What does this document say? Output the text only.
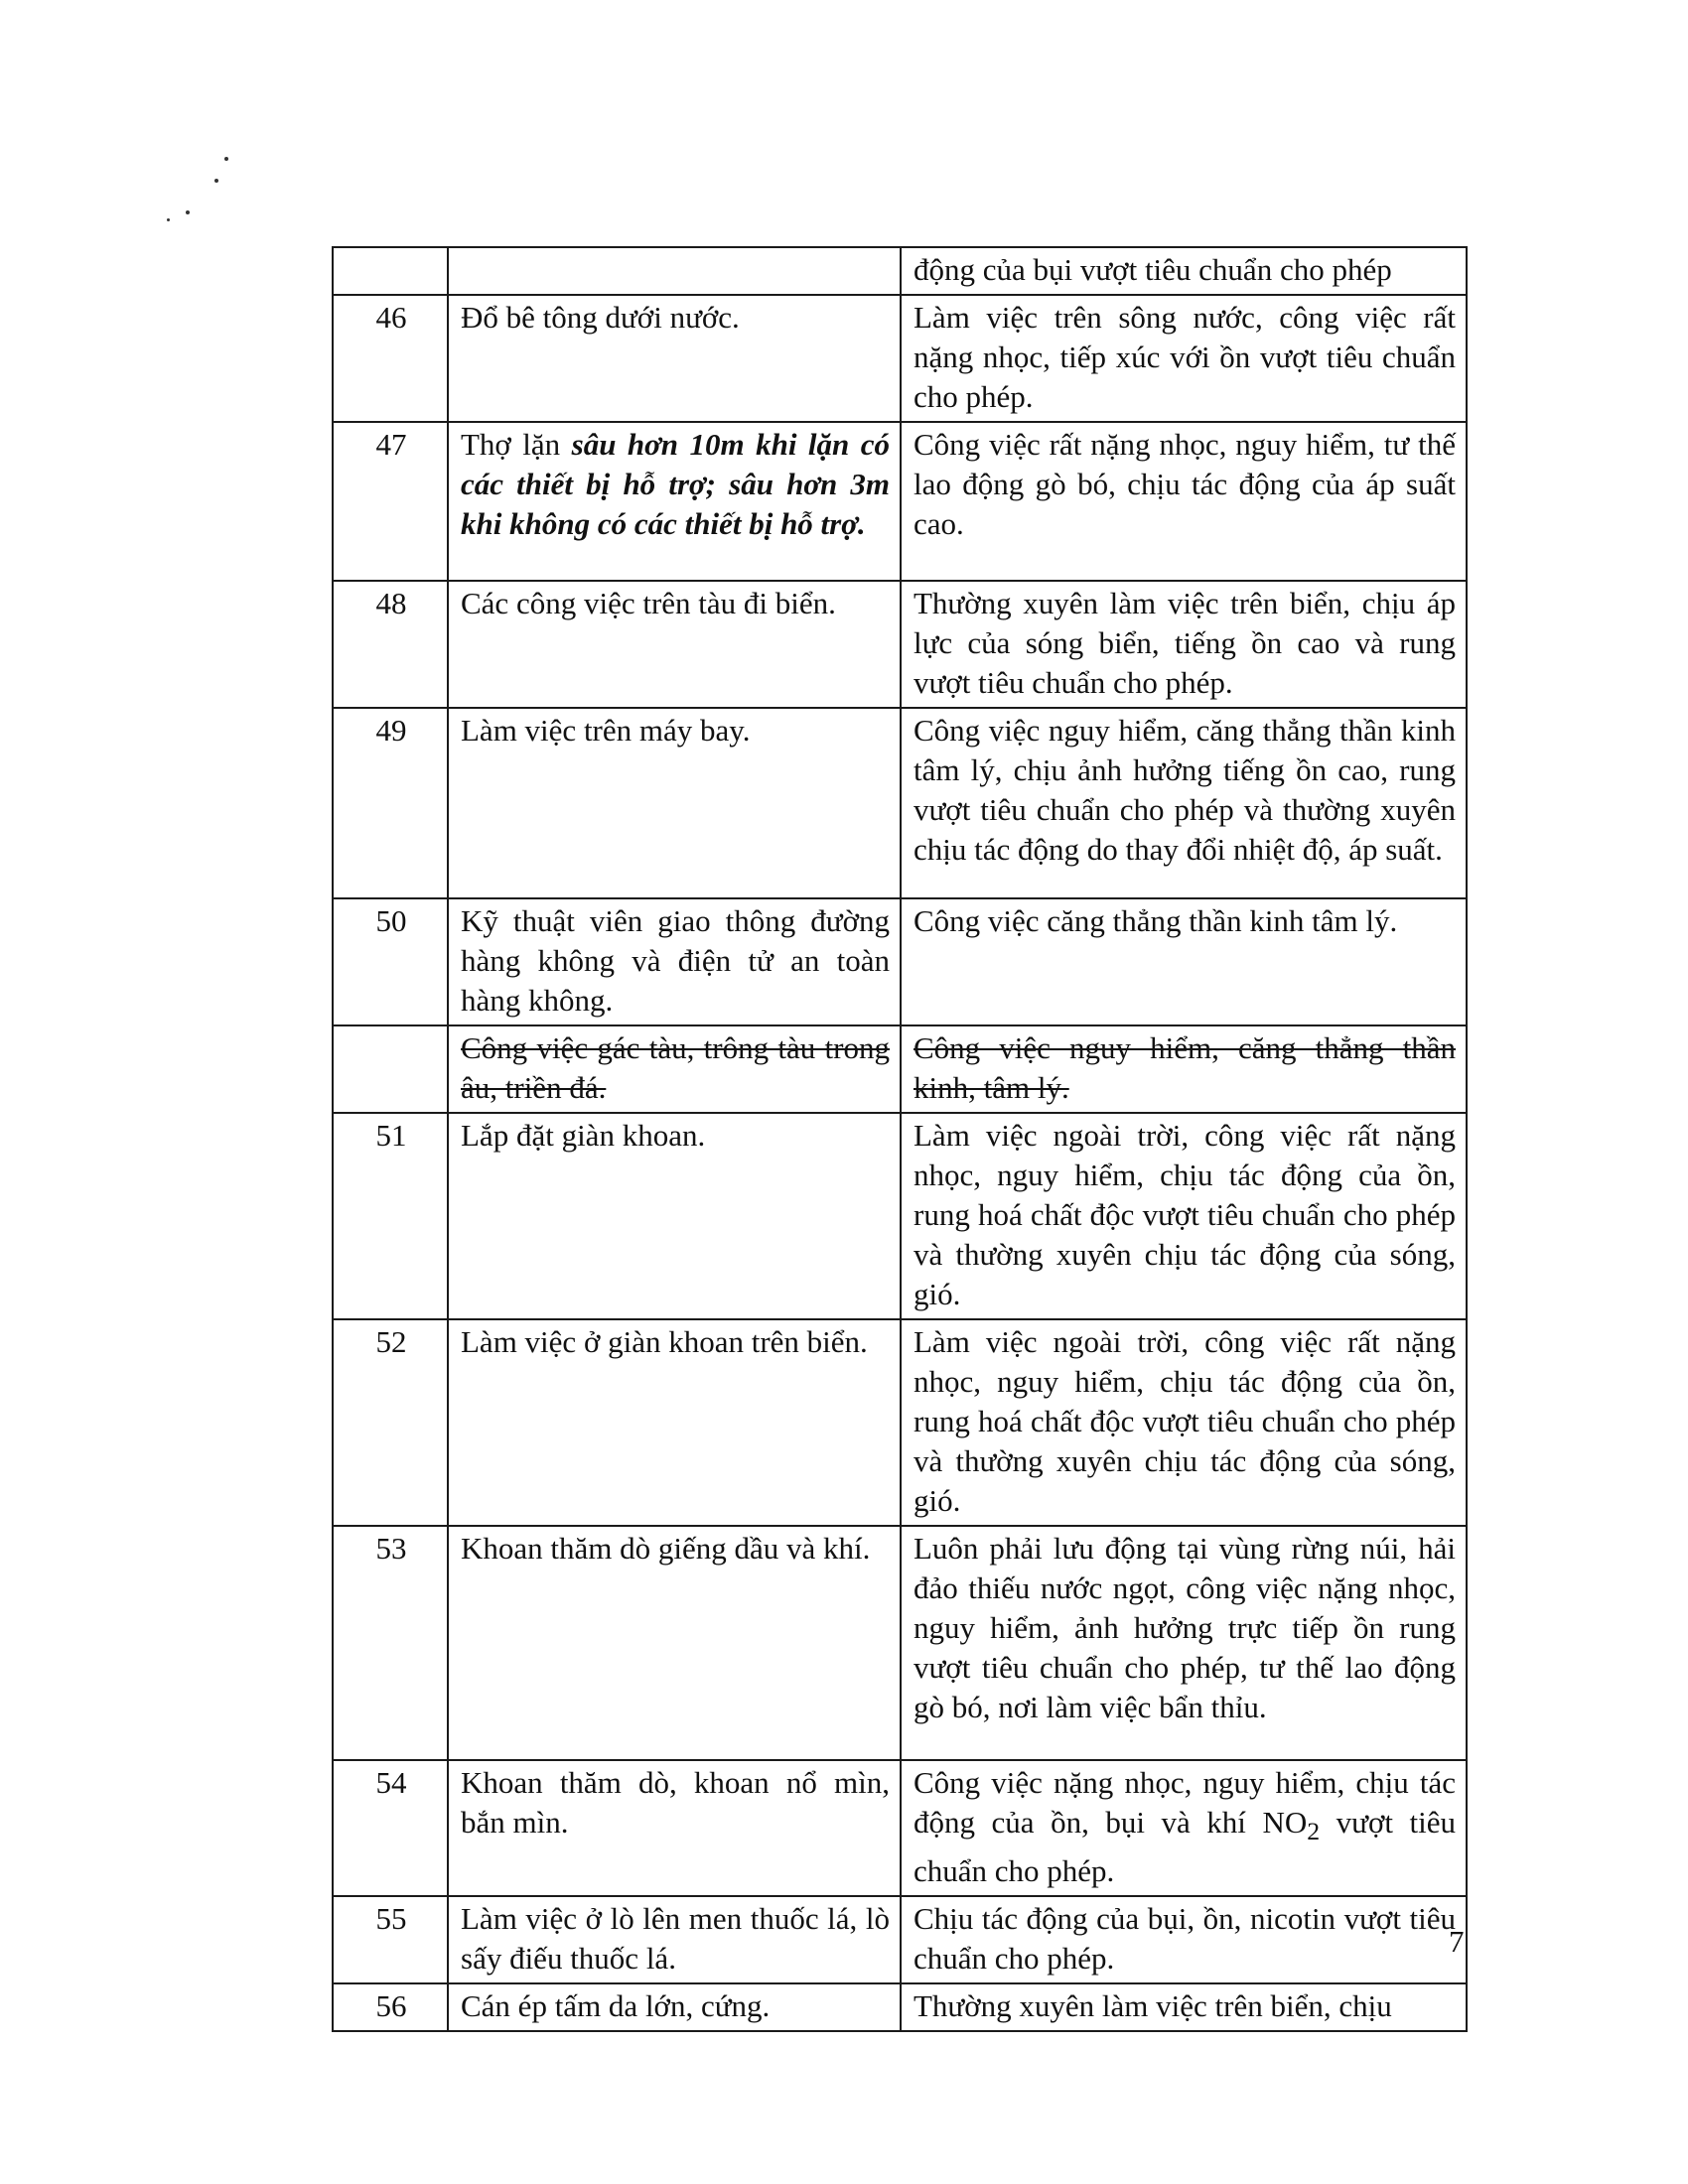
		động của bụi vượt tiêu chuẩn cho phép
46	Đổ bê tông dưới nước.	Làm việc trên sông nước, công việc rất nặng nhọc, tiếp xúc với ồn vượt tiêu chuẩn cho phép.
47	Thợ lặn sâu hơn 10m khi lặn có các thiết bị hỗ trợ; sâu hơn 3m khi không có các thiết bị hỗ trợ.	Công việc rất nặng nhọc, nguy hiểm, tư thế lao động gò bó, chịu tác động của áp suất cao.
48	Các công việc trên tàu đi biển.	Thường xuyên làm việc trên biển, chịu áp lực của sóng biển, tiếng ồn cao và rung vượt tiêu chuẩn cho phép.
49	Làm việc trên máy bay.	Công việc nguy hiểm, căng thẳng thần kinh tâm lý, chịu ảnh hưởng tiếng ồn cao, rung vượt tiêu chuẩn cho phép và thường xuyên chịu tác động do thay đổi nhiệt độ, áp suất.
50	Kỹ thuật viên giao thông đường hàng không và điện tử an toàn hàng không.	Công việc căng thẳng thần kinh tâm lý.
	Công việc gác tàu, trông tàu trong âu, triền đá.	Công việc nguy hiểm, căng thẳng thần kinh, tâm lý.
51	Lắp đặt giàn khoan.	Làm việc ngoài trời, công việc rất nặng nhọc, nguy hiểm, chịu tác động của ồn, rung hoá chất độc vượt tiêu chuẩn cho phép và thường xuyên chịu tác động của sóng, gió.
52	Làm việc ở giàn khoan trên biển.	Làm việc ngoài trời, công việc rất nặng nhọc, nguy hiểm, chịu tác động của ồn, rung hoá chất độc vượt tiêu chuẩn cho phép và thường xuyên chịu tác động của sóng, gió.
53	Khoan thăm dò giếng dầu và khí.	Luôn phải lưu động tại vùng rừng núi, hải đảo thiếu nước ngọt, công việc nặng nhọc, nguy hiểm, ảnh hưởng trực tiếp ồn rung vượt tiêu chuẩn cho phép, tư thế lao động gò bó, nơi làm việc bẩn thỉu.
54	Khoan thăm dò, khoan nổ mìn, bắn mìn.	Công việc nặng nhọc, nguy hiểm, chịu tác động của ồn, bụi và khí $NO_2$ vượt tiêu chuẩn cho phép.
55	Làm việc ở lò lên men thuốc lá, lò sấy điếu thuốc lá.	Chịu tác động của bụi, ồn, nicotin vượt tiêu chuẩn cho phép.
56	Cán ép tấm da lớn, cứng.	Thường xuyên làm việc trên biển, chịu
7
